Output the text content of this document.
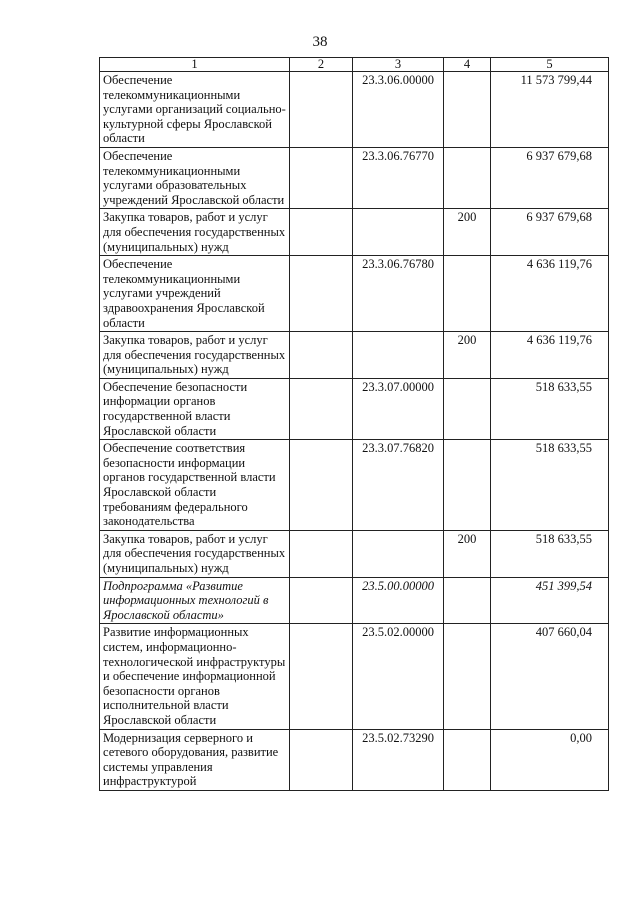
38
1	2	3	4	5
Обеспечение телекоммуникационными услугами организаций социально-культурной сферы Ярославской области		23.3.06.00000		11 573 799,44
Обеспечение телекоммуникационными услугами образовательных учреждений Ярославской области		23.3.06.76770		6 937 679,68
Закупка товаров, работ и услуг для обеспечения государственных (муниципальных) нужд			200	6 937 679,68
Обеспечение телекоммуникационными услугами учреждений здравоохранения Ярославской области		23.3.06.76780		4 636 119,76
Закупка товаров, работ и услуг для обеспечения государственных (муниципальных) нужд			200	4 636 119,76
Обеспечение безопасности информации органов государственной власти Ярославской области		23.3.07.00000		518 633,55
Обеспечение соответствия безопасности информации органов государственной власти Ярославской области требованиям федерального законодательства		23.3.07.76820		518 633,55
Закупка товаров, работ и услуг для обеспечения государственных (муниципальных) нужд			200	518 633,55
Подпрограмма «Развитие информационных технологий в Ярославской области»		23.5.00.00000		451 399,54
Развитие информационных систем, информационно-технологической инфраструктуры и обеспечение информационной безопасности органов исполнительной власти Ярославской области		23.5.02.00000		407 660,04
Модернизация серверного и сетевого оборудования, развитие системы управления инфраструктурой		23.5.02.73290		0,00
